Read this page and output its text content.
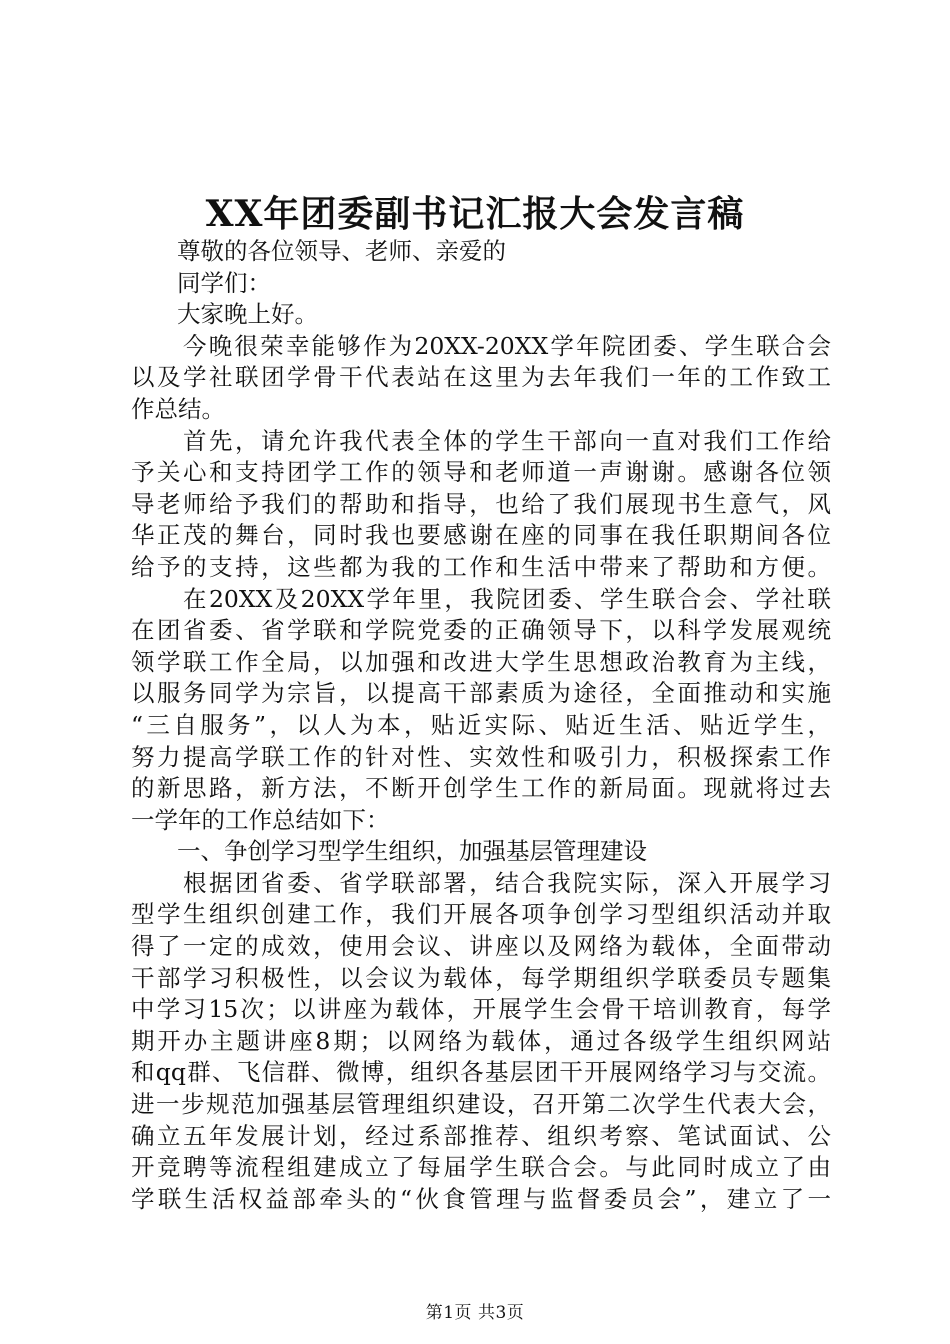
XX年团委副书记汇报大会发言稿
尊敬的各位领导、老师、亲爱的
同学们：
大家晚上好。
今晚很荣幸能够作为20XX-20XX学年院团委、学生联合会
以及学社联团学骨干代表站在这里为去年我们一年的工作致工
作总结。
首先，请允许我代表全体的学生干部向一直对我们工作给
予关心和支持团学工作的领导和老师道一声谢谢。感谢各位领
导老师给予我们的帮助和指导，也给了我们展现书生意气，风
华正茂的舞台，同时我也要感谢在座的同事在我任职期间各位
给予的支持，这些都为我的工作和生活中带来了帮助和方便。
在20XX及20XX学年里，我院团委、学生联合会、学社联
在团省委、省学联和学院党委的正确领导下，以科学发展观统
领学联工作全局，以加强和改进大学生思想政治教育为主线，
以服务同学为宗旨，以提高干部素质为途径，全面推动和实施
“三自服务”，以人为本，贴近实际、贴近生活、贴近学生，
努力提高学联工作的针对性、实效性和吸引力，积极探索工作
的新思路，新方法，不断开创学生工作的新局面。现就将过去
一学年的工作总结如下：
一、争创学习型学生组织，加强基层管理建设
根据团省委、省学联部署，结合我院实际，深入开展学习
型学生组织创建工作，我们开展各项争创学习型组织活动并取
得了一定的成效，使用会议、讲座以及网络为载体，全面带动
干部学习积极性，以会议为载体，每学期组织学联委员专题集
中学习15次；以讲座为载体，开展学生会骨干培训教育，每学
期开办主题讲座8期；以网络为载体，通过各级学生组织网站
和qq群、飞信群、微博，组织各基层团干开展网络学习与交流。
进一步规范加强基层管理组织建设，召开第二次学生代表大会，
确立五年发展计划，经过系部推荐、组织考察、笔试面试、公
开竞聘等流程组建成立了每届学生联合会。与此同时成立了由
学联生活权益部牵头的“伙食管理与监督委员会”，建立了一
第1页 共3页
